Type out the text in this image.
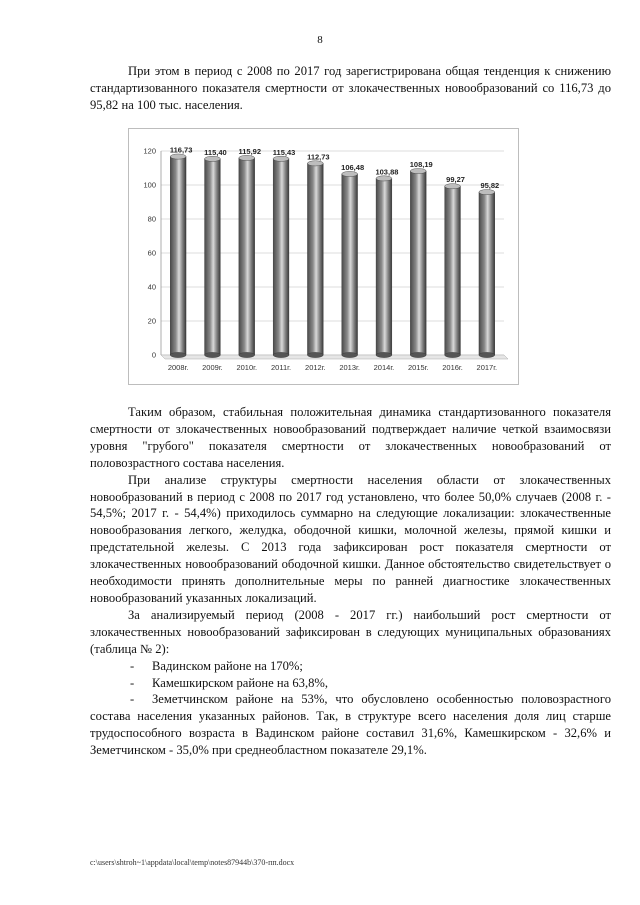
8

При этом в период с 2008 по 2017 год зарегистрирована общая тенденция к снижению стандартизованного показателя смертности от злокачественных новообразований со 116,73 до 95,82 на 100 тыс. населения.

0
20
40
60
80
100
120 116,73
2008г.
115,40
2009г.
115,92
2010г.
115,43
2011г.
112,73
2012г.
106,48
2013г.
103,88
2014г.
108,19
2015г.
99,27
2016г.
95,82
2017г.

Таким образом, стабильная положительная динамика стандартизованного показателя смертности от злокачественных новообразований подтверждает наличие четкой взаимосвязи уровня "грубого" показателя смертности от злокачественных новообразований от половозрастного состава населения.

При анализе структуры смертности населения области от злокачественных новообразований в период с 2008 по 2017 год установлено, что более 50,0% случаев (2008 г. - 54,5%; 2017 г. - 54,4%) приходилось суммарно на следующие локализации: злокачественные новообразования легкого, желудка, ободочной кишки, молочной железы, прямой кишки и предстательной железы. С 2013 года зафиксирован рост показателя смертности от злокачественных новообразований ободочной кишки. Данное обстоятельство свидетельствует о необходимости принять дополнительные меры по ранней диагностике злокачественных новообразований указанных локализаций.

За анализируемый период (2008 - 2017 гг.) наибольший рост смертности от злокачественных новообразований зафиксирован в следующих муниципальных образованиях (таблица № 2):

- Вадинском районе на 170%;
- Камешкирском районе на 63,8%,
- Земетчинском районе на 53%, что обусловлено особенностью половозрастного состава населения указанных районов. Так, в структуре всего населения доля лиц старше трудоспособного возраста в Вадинском районе составил 31,6%, Камешкирском - 32,6% и Земетчинском - 35,0% при среднеобластном показателе 29,1%.
c:\users\shtroh~1\appdata\local\temp\notes87944b\370-пп.docx
